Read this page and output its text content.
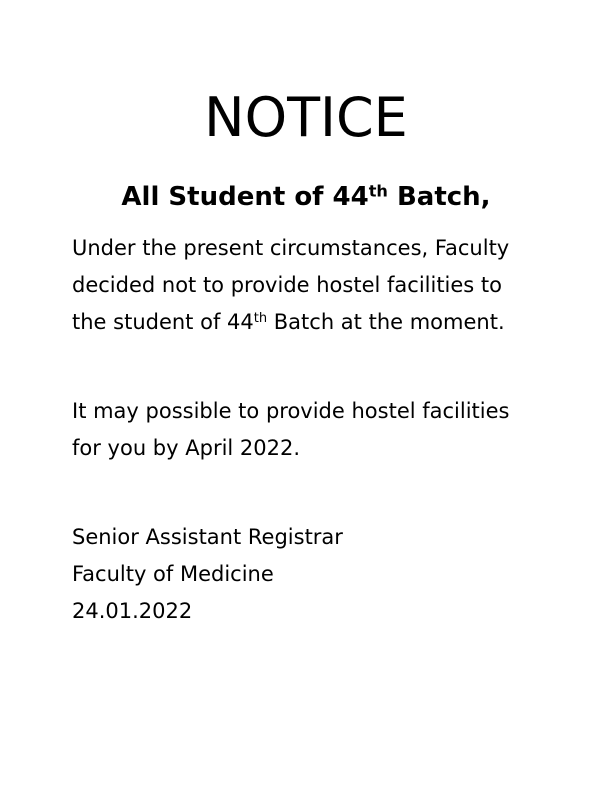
NOTICE
All Student of 44th Batch,
Under the present circumstances, Faculty
decided not to provide hostel facilities to
the student of 44th Batch at the moment.
It may possible to provide hostel facilities
for you by April 2022.
Senior Assistant Registrar
Faculty of Medicine
24.01.2022
